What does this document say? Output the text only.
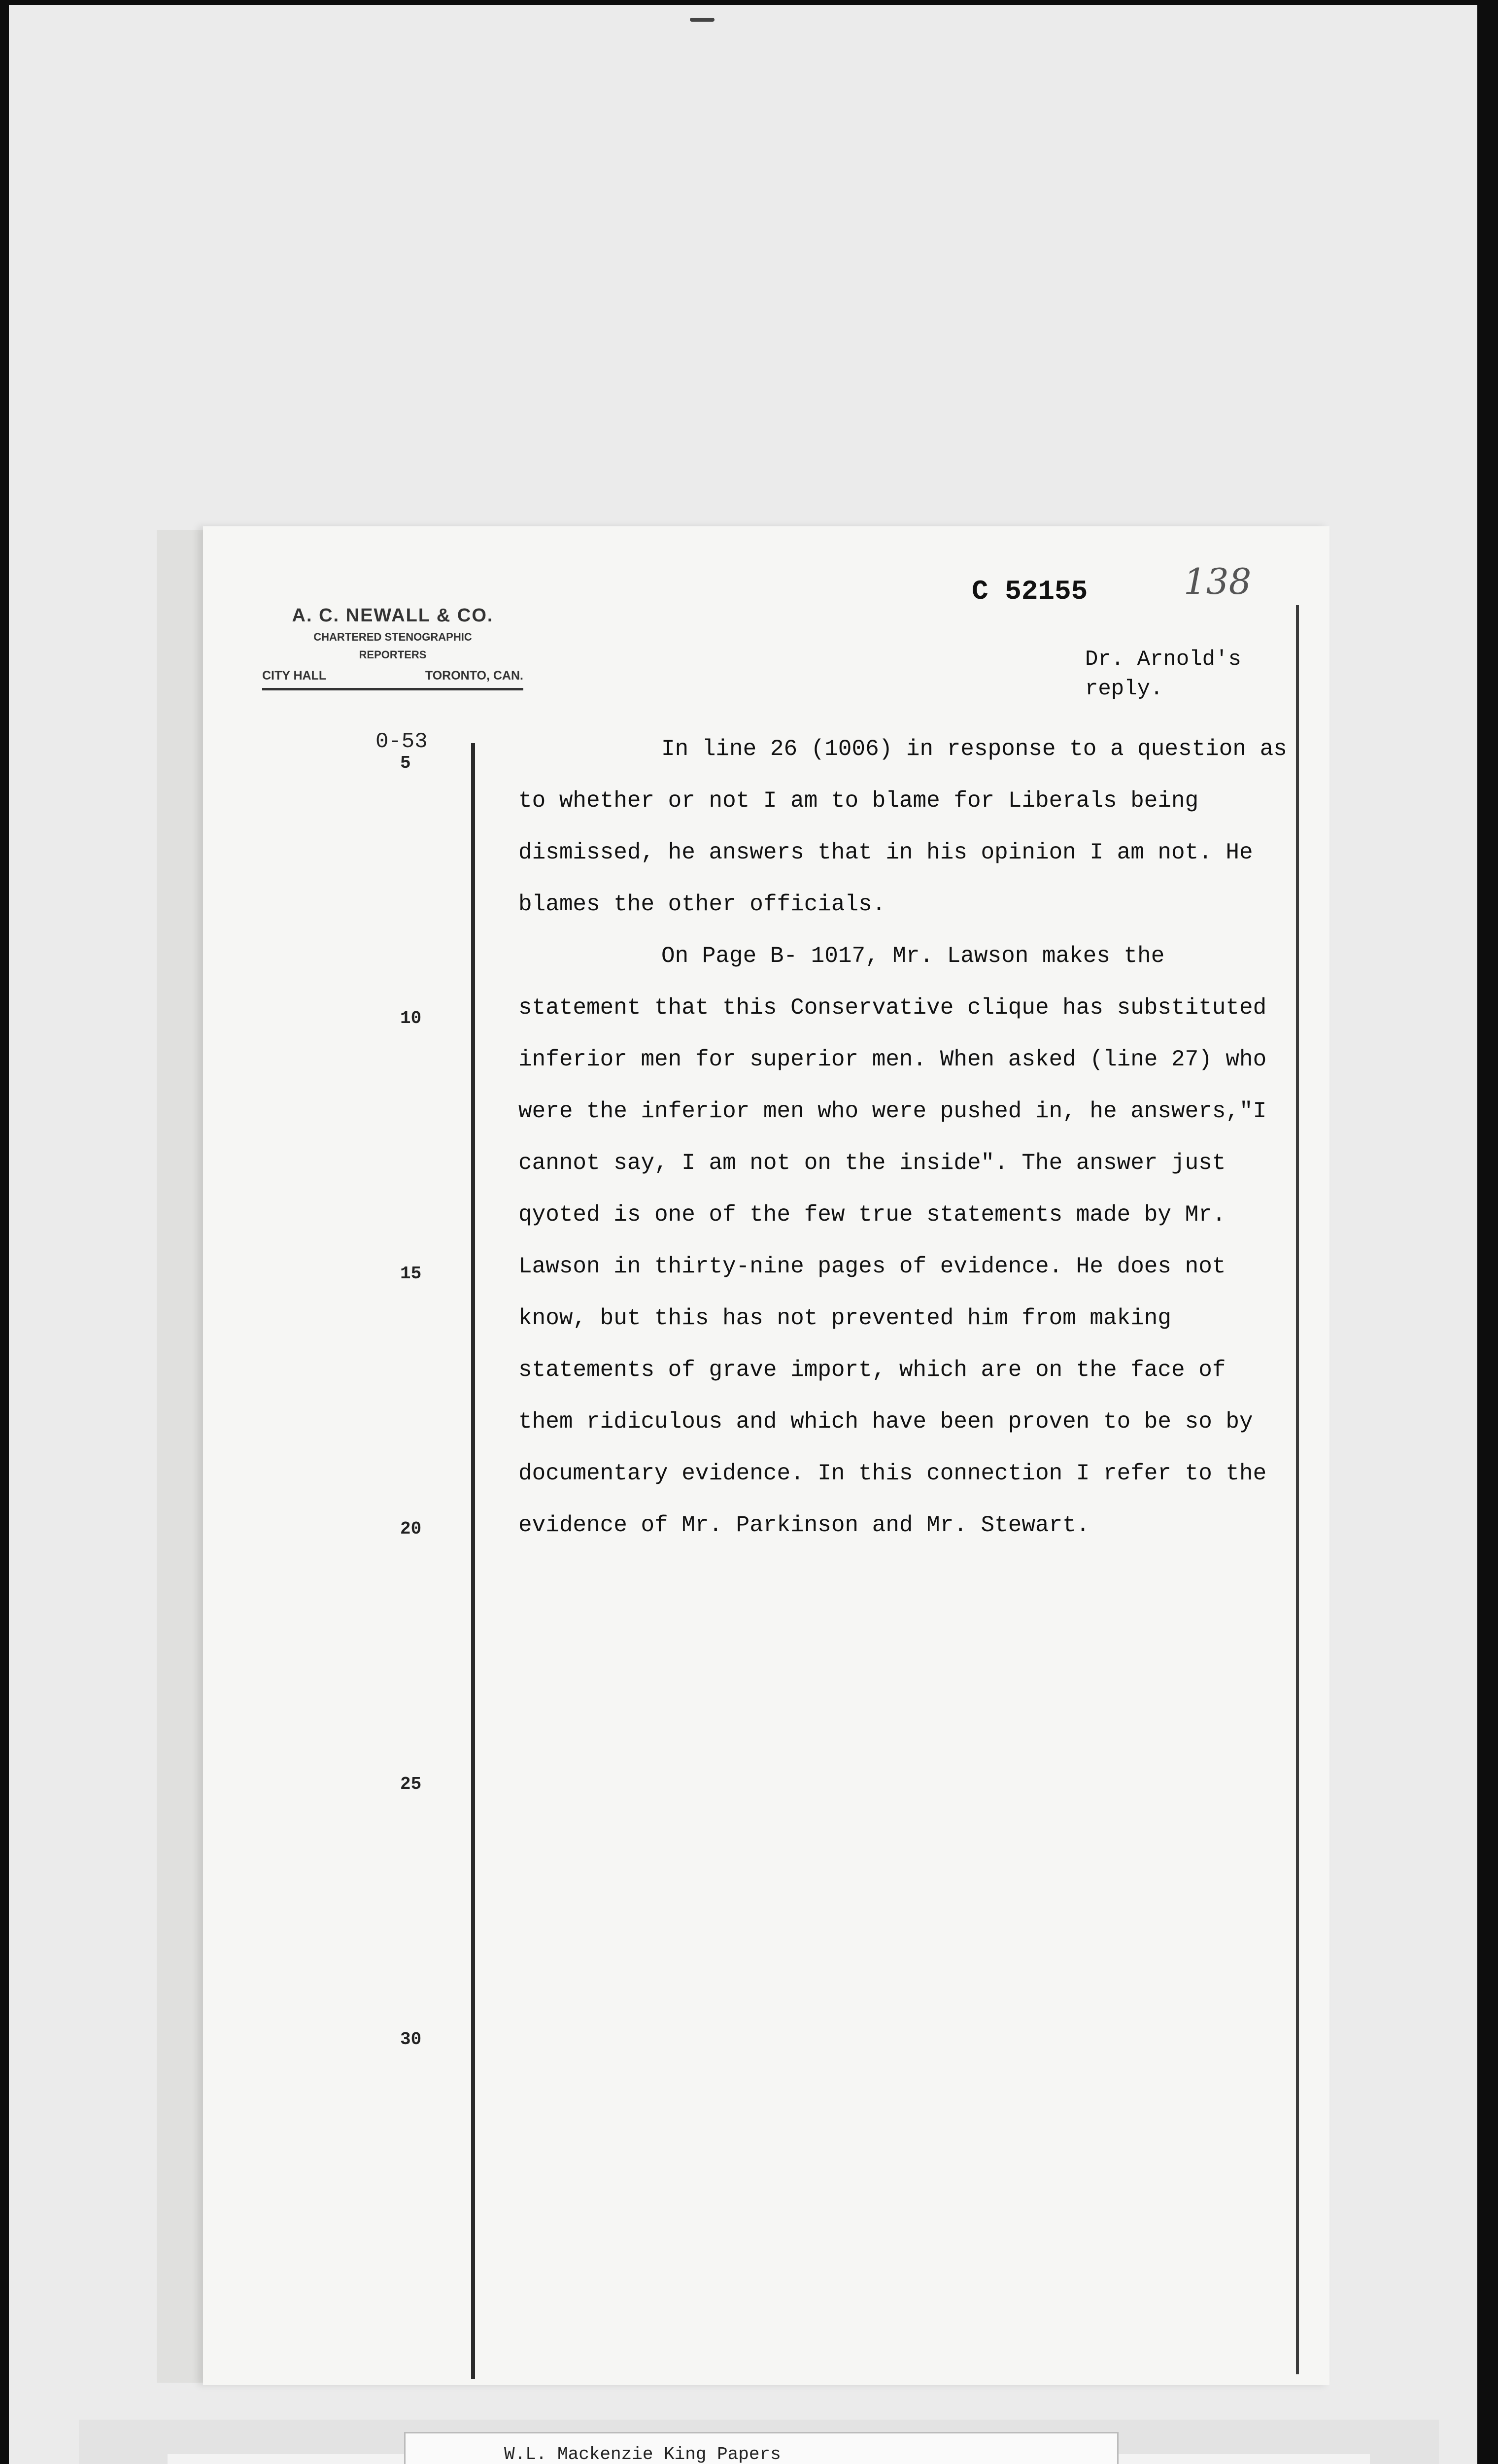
A. C. NEWALL & CO.
CHARTERED STENOGRAPHIC
REPORTERS
CITY HALL	TORONTO, CAN.
C 52155	138
Dr. Arnold's
reply.
0-53
5
10
15
20
25
30

In line 26 (1006) in response to a question as to whether or not I am to blame for Liberals being dismissed, he answers that in his opinion I am not. He blames the other officials.

On Page B- 1017, Mr. Lawson makes the statement that this Conservative clique has substituted inferior men for superior men. When asked (line 27) who were the inferior men who were pushed in, he answers,"I cannot say, I am not on the inside". The answer just qyoted is one of the few true statements made by Mr. Lawson in thirty-nine pages of evidence. He does not know, but this has not prevented him from making statements of grave import, which are on the face of them ridiculous and which have been proven to be so by documentary evidence. In this connection I refer to the evidence of Mr. Parkinson and Mr. Stewart.

W.L. Mackenzie King Papers
